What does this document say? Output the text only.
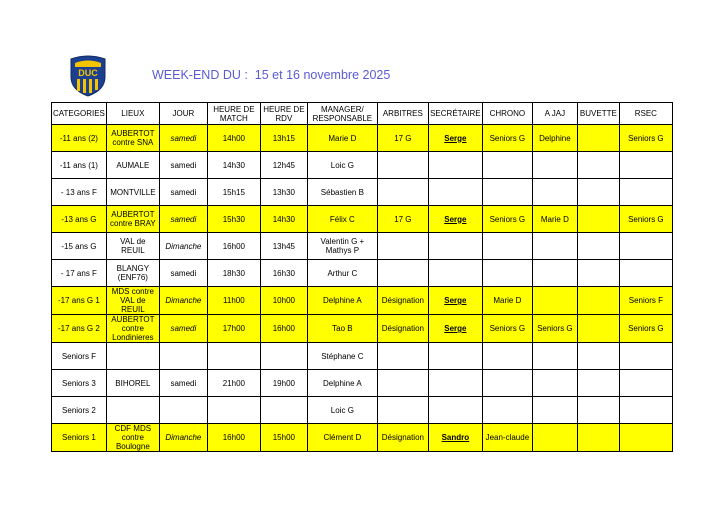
DUC	WEEK-END DU : 15 et 16 novembre 2025
CATEGORIES	LIEUX	JOUR	HEURE DE MATCH	HEURE DE RDV	MANAGER/ RESPONSABLE	ARBITRES	SECRÉTAIRE	CHRONO	A JAJ	BUVETTE	RSEC
-11 ans (2)	AUBERTOT contre SNA	samedi	14h00	13h15	Marie D	17 G	Serge	Seniors G	Delphine		Seniors G
-11 ans (1)	AUMALE	samedi	14h30	12h45	Loic G						
- 13 ans F	MONTVILLE	samedi	15h15	13h30	Sébastien B						
-13 ans G	AUBERTOT contre BRAY	samedi	15h30	14h30	Félix C	17 G	Serge	Seniors G	Marie D		Seniors G
-15 ans G	VAL de REUIL	Dimanche	16h00	13h45	Valentin G + Mathys P						
- 17 ans F	BLANGY (ENF76)	samedi	18h30	16h30	Arthur C						
-17 ans G 1	MDS contre VAL de REUIL	Dimanche	11h00	10h00	Delphine A	Désignation	Serge	Marie D			Seniors F
-17 ans G 2	AUBERTOT contre Londinieres	samedi	17h00	16h00	Tao B	Désignation	Serge	Seniors G	Seniors G		Seniors G
Seniors F					Stéphane C						
Seniors 3	BIHOREL	samedi	21h00	19h00	Delphine A						
Seniors 2					Loic G						
Seniors 1	CDF MDS contre Boulogne	Dimanche	16h00	15h00	Clément D	Désignation	Sandro	Jean-claude			
